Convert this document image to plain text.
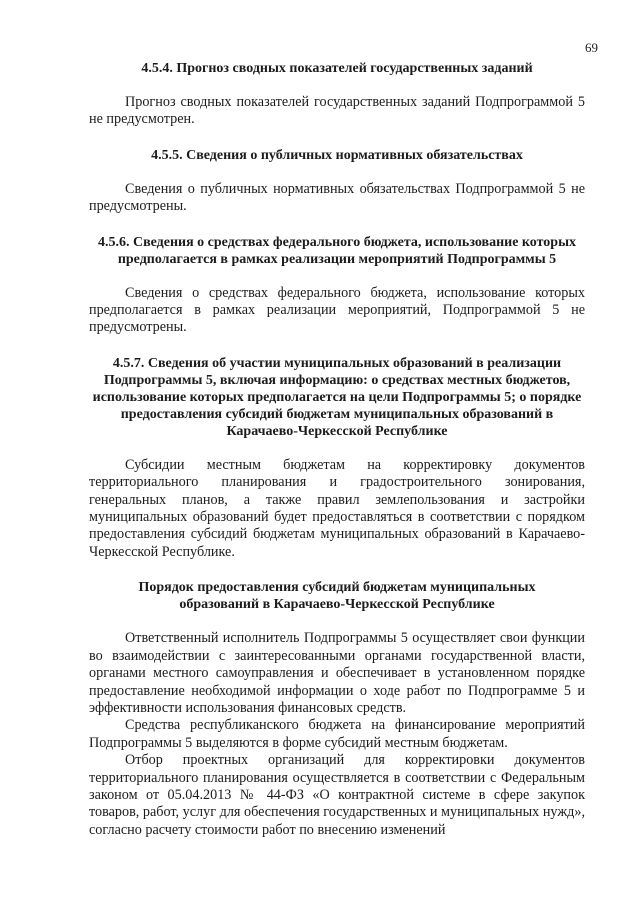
69
4.5.4. Прогноз сводных показателей государственных заданий

Прогноз сводных показателей государственных заданий Подпрограммой 5 не предусмотрен.

4.5.5. Сведения о публичных нормативных обязательствах

Сведения о публичных нормативных обязательствах Подпрограммой 5 не предусмотрены.

4.5.6. Сведения о средствах федерального бюджета, использование которых предполагается в рамках реализации мероприятий Подпрограммы 5

Сведения о средствах федерального бюджета, использование которых предполагается в рамках реализации мероприятий, Подпрограммой 5 не предусмотрены.

4.5.7. Сведения об участии муниципальных образований в реализации Подпрограммы 5, включая информацию: о средствах местных бюджетов, использование которых предполагается на цели Подпрограммы 5; о порядке предоставления субсидий бюджетам муниципальных образований в Карачаево-Черкесской Республике

Субсидии местным бюджетам на корректировку документов территориального планирования и градостроительного зонирования, генеральных планов, а также правил землепользования и застройки муниципальных образований будет предоставляться в соответствии с порядком предоставления субсидий бюджетам муниципальных образований в Карачаево-Черкесской Республике.

Порядок предоставления субсидий бюджетам муниципальных образований в Карачаево-Черкесской Республике

Ответственный исполнитель Подпрограммы 5 осуществляет свои функции во взаимодействии с заинтересованными органами государственной власти, органами местного самоуправления и обеспечивает в установленном порядке предоставление необходимой информации о ходе работ по Подпрограмме 5 и эффективности использования финансовых средств.

Средства республиканского бюджета на финансирование мероприятий Подпрограммы 5 выделяются в форме субсидий местным бюджетам.

Отбор проектных организаций для корректировки документов территориального планирования осуществляется в соответствии с Федеральным законом от 05.04.2013 № 44-ФЗ «О контрактной системе в сфере закупок товаров, работ, услуг для обеспечения государственных и муниципальных нужд», согласно расчету стоимости работ по внесению изменений
